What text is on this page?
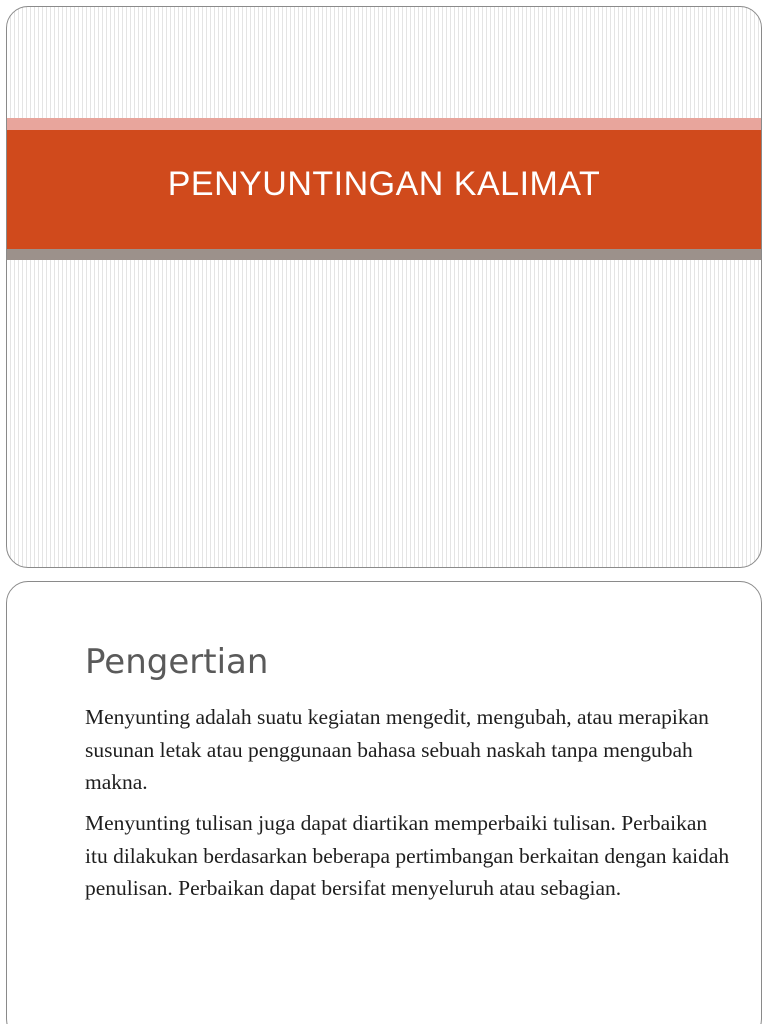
PENYUNTINGAN KALIMAT
Pengertian

Menyunting adalah suatu kegiatan mengedit, mengubah, atau merapikan susunan letak atau penggunaan bahasa sebuah naskah tanpa mengubah makna.

Menyunting tulisan juga dapat diartikan memperbaiki tulisan. Perbaikan itu dilakukan berdasarkan beberapa pertimbangan berkaitan dengan kaidah penulisan. Perbaikan dapat bersifat menyeluruh atau sebagian.
